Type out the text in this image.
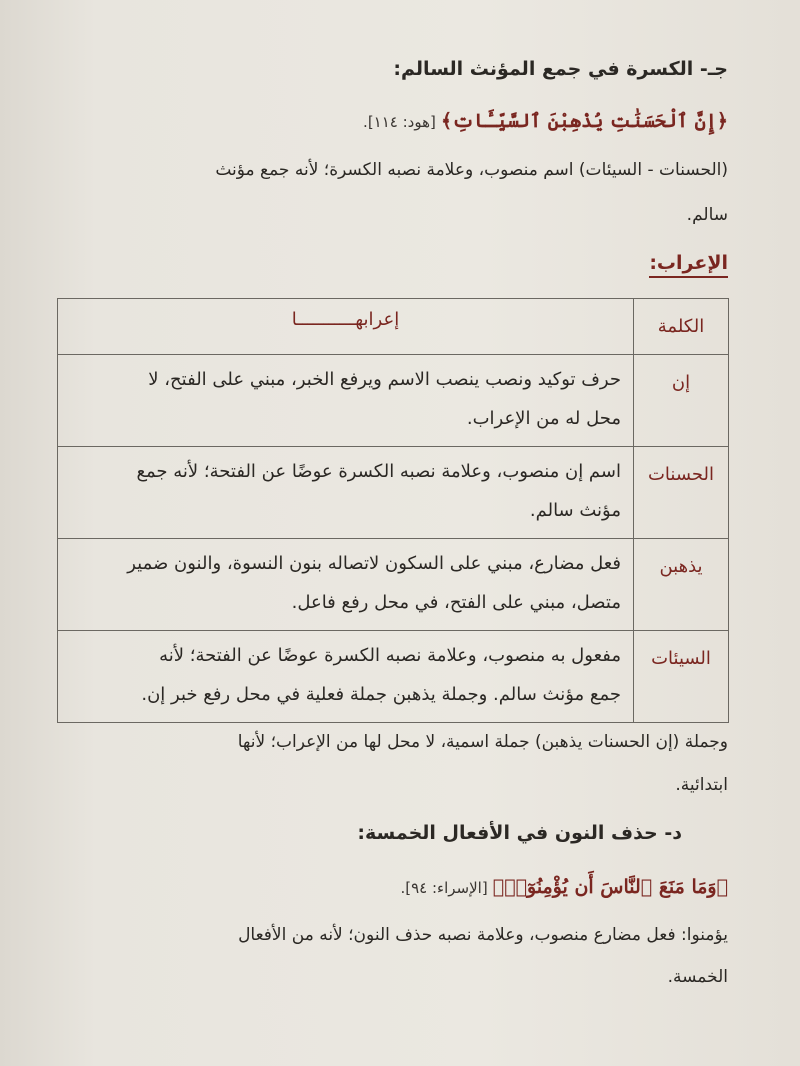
جـ- الكسرة في جمع المؤنث السالم:
﴿إِنَّ ٱلْحَسَنَٰتِ يُذْهِبْنَ ٱلسَّيِّـَٔاتِ﴾ [هود: ١١٤].
(الحسنات - السيئات) اسم منصوب، وعلامة نصبه الكسرة؛ لأنه جمع مؤنث
سالم.
الإعراب:
الكلمة	إعرابهـــــــــــا
إن	حرف توكيد ونصب ينصب الاسم ويرفع الخبر، مبني على الفتح، لا
محل له من الإعراب.

الحسنات	اسم إن منصوب، وعلامة نصبه الكسرة عوضًا عن الفتحة؛ لأنه جمع
مؤنث سالم.

يذهبن	فعل مضارع، مبني على السكون لاتصاله بنون النسوة، والنون ضمير
متصل، مبني على الفتح، في محل رفع فاعل.

السيئات	مفعول به منصوب، وعلامة نصبه الكسرة عوضًا عن الفتحة؛ لأنه
جمع مؤنث سالم. وجملة يذهبن جملة فعلية في محل رفع خبر إن.
وجملة (إن الحسنات يذهبن) جملة اسمية، لا محل لها من الإعراب؛ لأنها
ابتدائية.
د- حذف النون في الأفعال الخمسة:
﴿وَمَا مَنَعَ ٱلنَّاسَ أَن يُؤْمِنُوٓا۟﴾ [الإسراء: ٩٤].
يؤمنوا: فعل مضارع منصوب، وعلامة نصبه حذف النون؛ لأنه من الأفعال
الخمسة.
